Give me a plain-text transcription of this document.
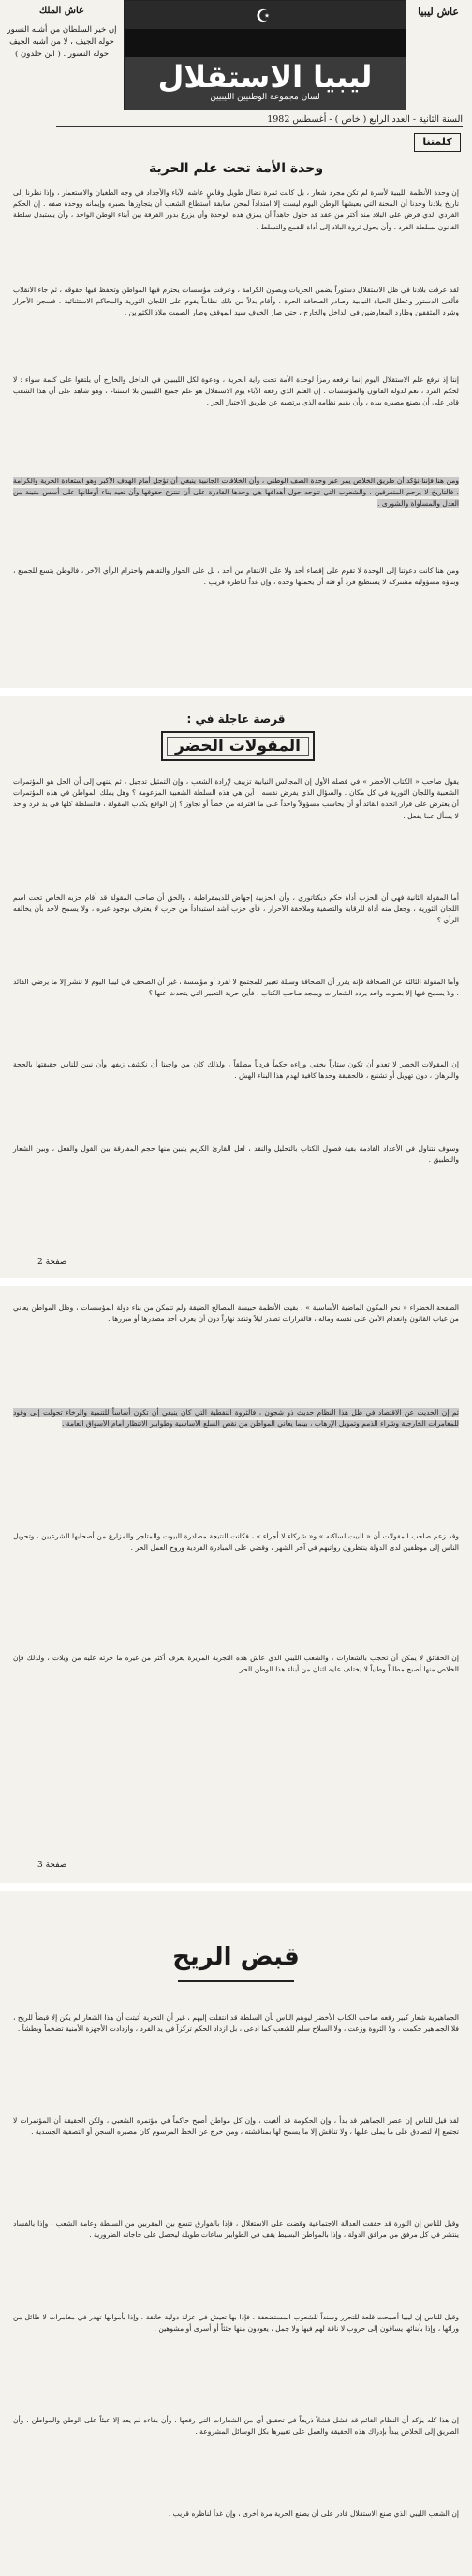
عاش ليبيا
☪
ليبيا الاستقلال
لسان مجموعة الوطنيين الليبيين
عاش الملك
إن خير السلطان من أشبه النسور حوله الجيف ، لا من أشبه الجيف حوله النسور . ( ابن خلدون )
السنة الثانية - العدد الرابع ( خاص ) - أغسطس 1982
كلمتنا
وحدة الأمة تحت علم الحرية
إن وحدة الأنظمة الليبية لأسرة لم تكن مجرد شعار ، بل كانت ثمرة نضال طويل وقاسٍ عاشه الآباء والأجداد في وجه الطغيان والاستعمار ، وإذا نظرنا إلى تاريخ بلادنا وجدنا أن المحنة التي يعيشها الوطن اليوم ليست إلا امتداداً لمحن سابقة استطاع الشعب أن يتجاوزها بصبره وإيمانه ووحدة صفه . إن الحكم الفردي الذي فرض على البلاد منذ أكثر من عقد قد حاول جاهداً أن يمزق هذه الوحدة وأن يزرع بذور الفرقة بين أبناء الوطن الواحد ، وأن يستبدل سلطة القانون بسلطة الفرد ، وأن يحول ثروة البلاد إلى أداة للقمع والتسلط .
لقد عرفت بلادنا في ظل الاستقلال دستوراً يضمن الحريات ويصون الكرامة ، وعرفت مؤسسات يحترم فيها المواطن وتحفظ فيها حقوقه ، ثم جاء الانقلاب فألغى الدستور وعطل الحياة النيابية وصادر الصحافة الحرة ، وأقام بدلاً من ذلك نظاماً يقوم على اللجان الثورية والمحاكم الاستثنائية ، فسجن الأحرار وشرد المثقفين وطارد المعارضين في الداخل والخارج ، حتى صار الخوف سيد الموقف وصار الصمت ملاذ الكثيرين .
إننا إذ نرفع علم الاستقلال اليوم إنما نرفعه رمزاً لوحدة الأمة تحت راية الحرية ، ودعوة لكل الليبيين في الداخل والخارج أن يلتقوا على كلمة سواء : لا لحكم الفرد ، نعم لدولة القانون والمؤسسات . إن العلم الذي رفعه الآباء يوم الاستقلال هو علم جميع الليبيين بلا استثناء ، وهو شاهد على أن هذا الشعب قادر على أن يصنع مصيره بيده ، وأن يقيم نظامه الذي يرتضيه عن طريق الاختيار الحر .
ومن هنا فإننا نؤكد أن طريق الخلاص يمر عبر وحدة الصف الوطني ، وأن الخلافات الجانبية ينبغي أن تؤجل أمام الهدف الأكبر وهو استعادة الحرية والكرامة ، فالتاريخ لا يرحم المتفرقين ، والشعوب التي تتوحد حول أهدافها هي وحدها القادرة على أن تنتزع حقوقها وأن تعيد بناء أوطانها على أسس متينة من العدل والمساواة والشورى .
ومن هنا كانت دعوتنا إلى الوحدة لا تقوم على إقصاء أحد ولا على الانتقام من أحد ، بل على الحوار والتفاهم واحترام الرأي الآخر ، فالوطن يتسع للجميع ، وبناؤه مسؤولية مشتركة لا يستطيع فرد أو فئة أن يحملها وحده ، وإن غداً لناظره قريب .
قرصة عاجلة في :
المقولات الخضر
يقول صاحب « الكتاب الأخضر » في فصله الأول إن المجالس النيابية تزييف لإرادة الشعب ، وإن التمثيل تدجيل ، ثم ينتهي إلى أن الحل هو المؤتمرات الشعبية واللجان الثورية في كل مكان . والسؤال الذي يفرض نفسه : أين هي هذه السلطة الشعبية المزعومة ؟ وهل يملك المواطن في هذه المؤتمرات أن يعترض على قرار اتخذه القائد أو أن يحاسب مسؤولاً واحداً على ما اقترفه من خطأ أو تجاوز ؟ إن الواقع يكذب المقولة ، فالسلطة كلها في يد فرد واحد لا يسأل عما يفعل .
أما المقولة الثانية فهي أن الحزب أداة حكم ديكتاتوري ، وأن الحزبية إجهاض للديمقراطية ، والحق أن صاحب المقولة قد أقام حزبه الخاص تحت اسم اللجان الثورية ، وجعل منه أداة للرقابة والتصفية وملاحقة الأحرار ، فأي حزب أشد استبداداً من حزب لا يعترف بوجود غيره ، ولا يسمح لأحد بأن يخالفه الرأي ؟
وأما المقولة الثالثة عن الصحافة فإنه يقرر أن الصحافة وسيلة تعبير للمجتمع لا لفرد أو مؤسسة ، غير أن الصحف في ليبيا اليوم لا تنشر إلا ما يرضي القائد ، ولا يسمح فيها إلا بصوت واحد يردد الشعارات ويمجد صاحب الكتاب ، فأين حرية التعبير التي يتحدث عنها ؟
إن المقولات الخضر لا تعدو أن تكون ستاراً يخفي وراءه حكماً فردياً مطلقاً ، ولذلك كان من واجبنا أن نكشف زيفها وأن نبين للناس حقيقتها بالحجة والبرهان ، دون تهويل أو تشنيع ، فالحقيقة وحدها كافية لهدم هذا البناء الهش .
وسوف نتناول في الأعداد القادمة بقية فصول الكتاب بالتحليل والنقد ، لعل القارئ الكريم يتبين منها حجم المفارقة بين القول والفعل ، وبين الشعار والتطبيق .
صفحة 2
الصفحة الخضراء « نحو المكون الماضية الأساسية » . بقيت الأنظمة حبيسة المصالح الضيقة ولم تتمكن من بناء دولة المؤسسات ، وظل المواطن يعاني من غياب القانون وانعدام الأمن على نفسه وماله ، فالقرارات تصدر ليلاً وتنفذ نهاراً دون أن يعرف أحد مصدرها أو مبررها .
ثم إن الحديث عن الاقتصاد في ظل هذا النظام حديث ذو شجون ، فالثروة النفطية التي كان ينبغي أن تكون أساساً للتنمية والرخاء تحولت إلى وقود للمغامرات الخارجية وشراء الذمم وتمويل الإرهاب ، بينما يعاني المواطن من نقص السلع الأساسية وطوابير الانتظار أمام الأسواق العامة .
وقد زعم صاحب المقولات أن « البيت لساكنه » و« شركاء لا أجراء » ، فكانت النتيجة مصادرة البيوت والمتاجر والمزارع من أصحابها الشرعيين ، وتحويل الناس إلى موظفين لدى الدولة ينتظرون رواتبهم في آخر الشهر ، وقضي على المبادرة الفردية وروح العمل الحر .
إن الحقائق لا يمكن أن تحجب بالشعارات ، والشعب الليبي الذي عاش هذه التجربة المريرة يعرف أكثر من غيره ما جرته عليه من ويلات ، ولذلك فإن الخلاص منها أصبح مطلباً وطنياً لا يختلف عليه اثنان من أبناء هذا الوطن الحر .
صفحة 3
قبض الريح
الجماهيرية شعار كبير رفعه صاحب الكتاب الأخضر ليوهم الناس بأن السلطة قد انتقلت إليهم ، غير أن التجربة أثبتت أن هذا الشعار لم يكن إلا قبضاً للريح ، فلا الجماهير حكمت ، ولا الثروة وزعت ، ولا السلاح سلم للشعب كما ادعى ، بل ازداد الحكم تركزاً في يد الفرد ، وازدادت الأجهزة الأمنية تضخماً وبطشاً .
لقد قيل للناس إن عصر الجماهير قد بدأ ، وإن الحكومة قد ألغيت ، وإن كل مواطن أصبح حاكماً في مؤتمره الشعبي ، ولكن الحقيقة أن المؤتمرات لا تجتمع إلا لتصادق على ما يملى عليها ، ولا تناقش إلا ما يسمح لها بمناقشته ، ومن خرج عن الخط المرسوم كان مصيره السجن أو التصفية الجسدية .
وقيل للناس إن الثورة قد حققت العدالة الاجتماعية وقضت على الاستغلال ، فإذا بالفوارق تتسع بين المقربين من السلطة وعامة الشعب ، وإذا بالفساد ينتشر في كل مرفق من مرافق الدولة ، وإذا بالمواطن البسيط يقف في الطوابير ساعات طويلة ليحصل على حاجاته الضرورية .
وقيل للناس إن ليبيا أصبحت قلعة للتحرر وسنداً للشعوب المستضعفة ، فإذا بها تعيش في عزلة دولية خانقة ، وإذا بأموالها تهدر في مغامرات لا طائل من ورائها ، وإذا بأبنائها يساقون إلى حروب لا ناقة لهم فيها ولا جمل ، يعودون منها جثثاً أو أسرى أو مشوهين .
إن هذا كله يؤكد أن النظام القائم قد فشل فشلاً ذريعاً في تحقيق أي من الشعارات التي رفعها ، وأن بقاءه لم يعد إلا عبئاً على الوطن والمواطن ، وأن الطريق إلى الخلاص يبدأ بإدراك هذه الحقيقة والعمل على تغييرها بكل الوسائل المشروعة .
إن الشعب الليبي الذي صنع الاستقلال قادر على أن يصنع الحرية مرة أخرى ، وإن غداً لناظره قريب .
